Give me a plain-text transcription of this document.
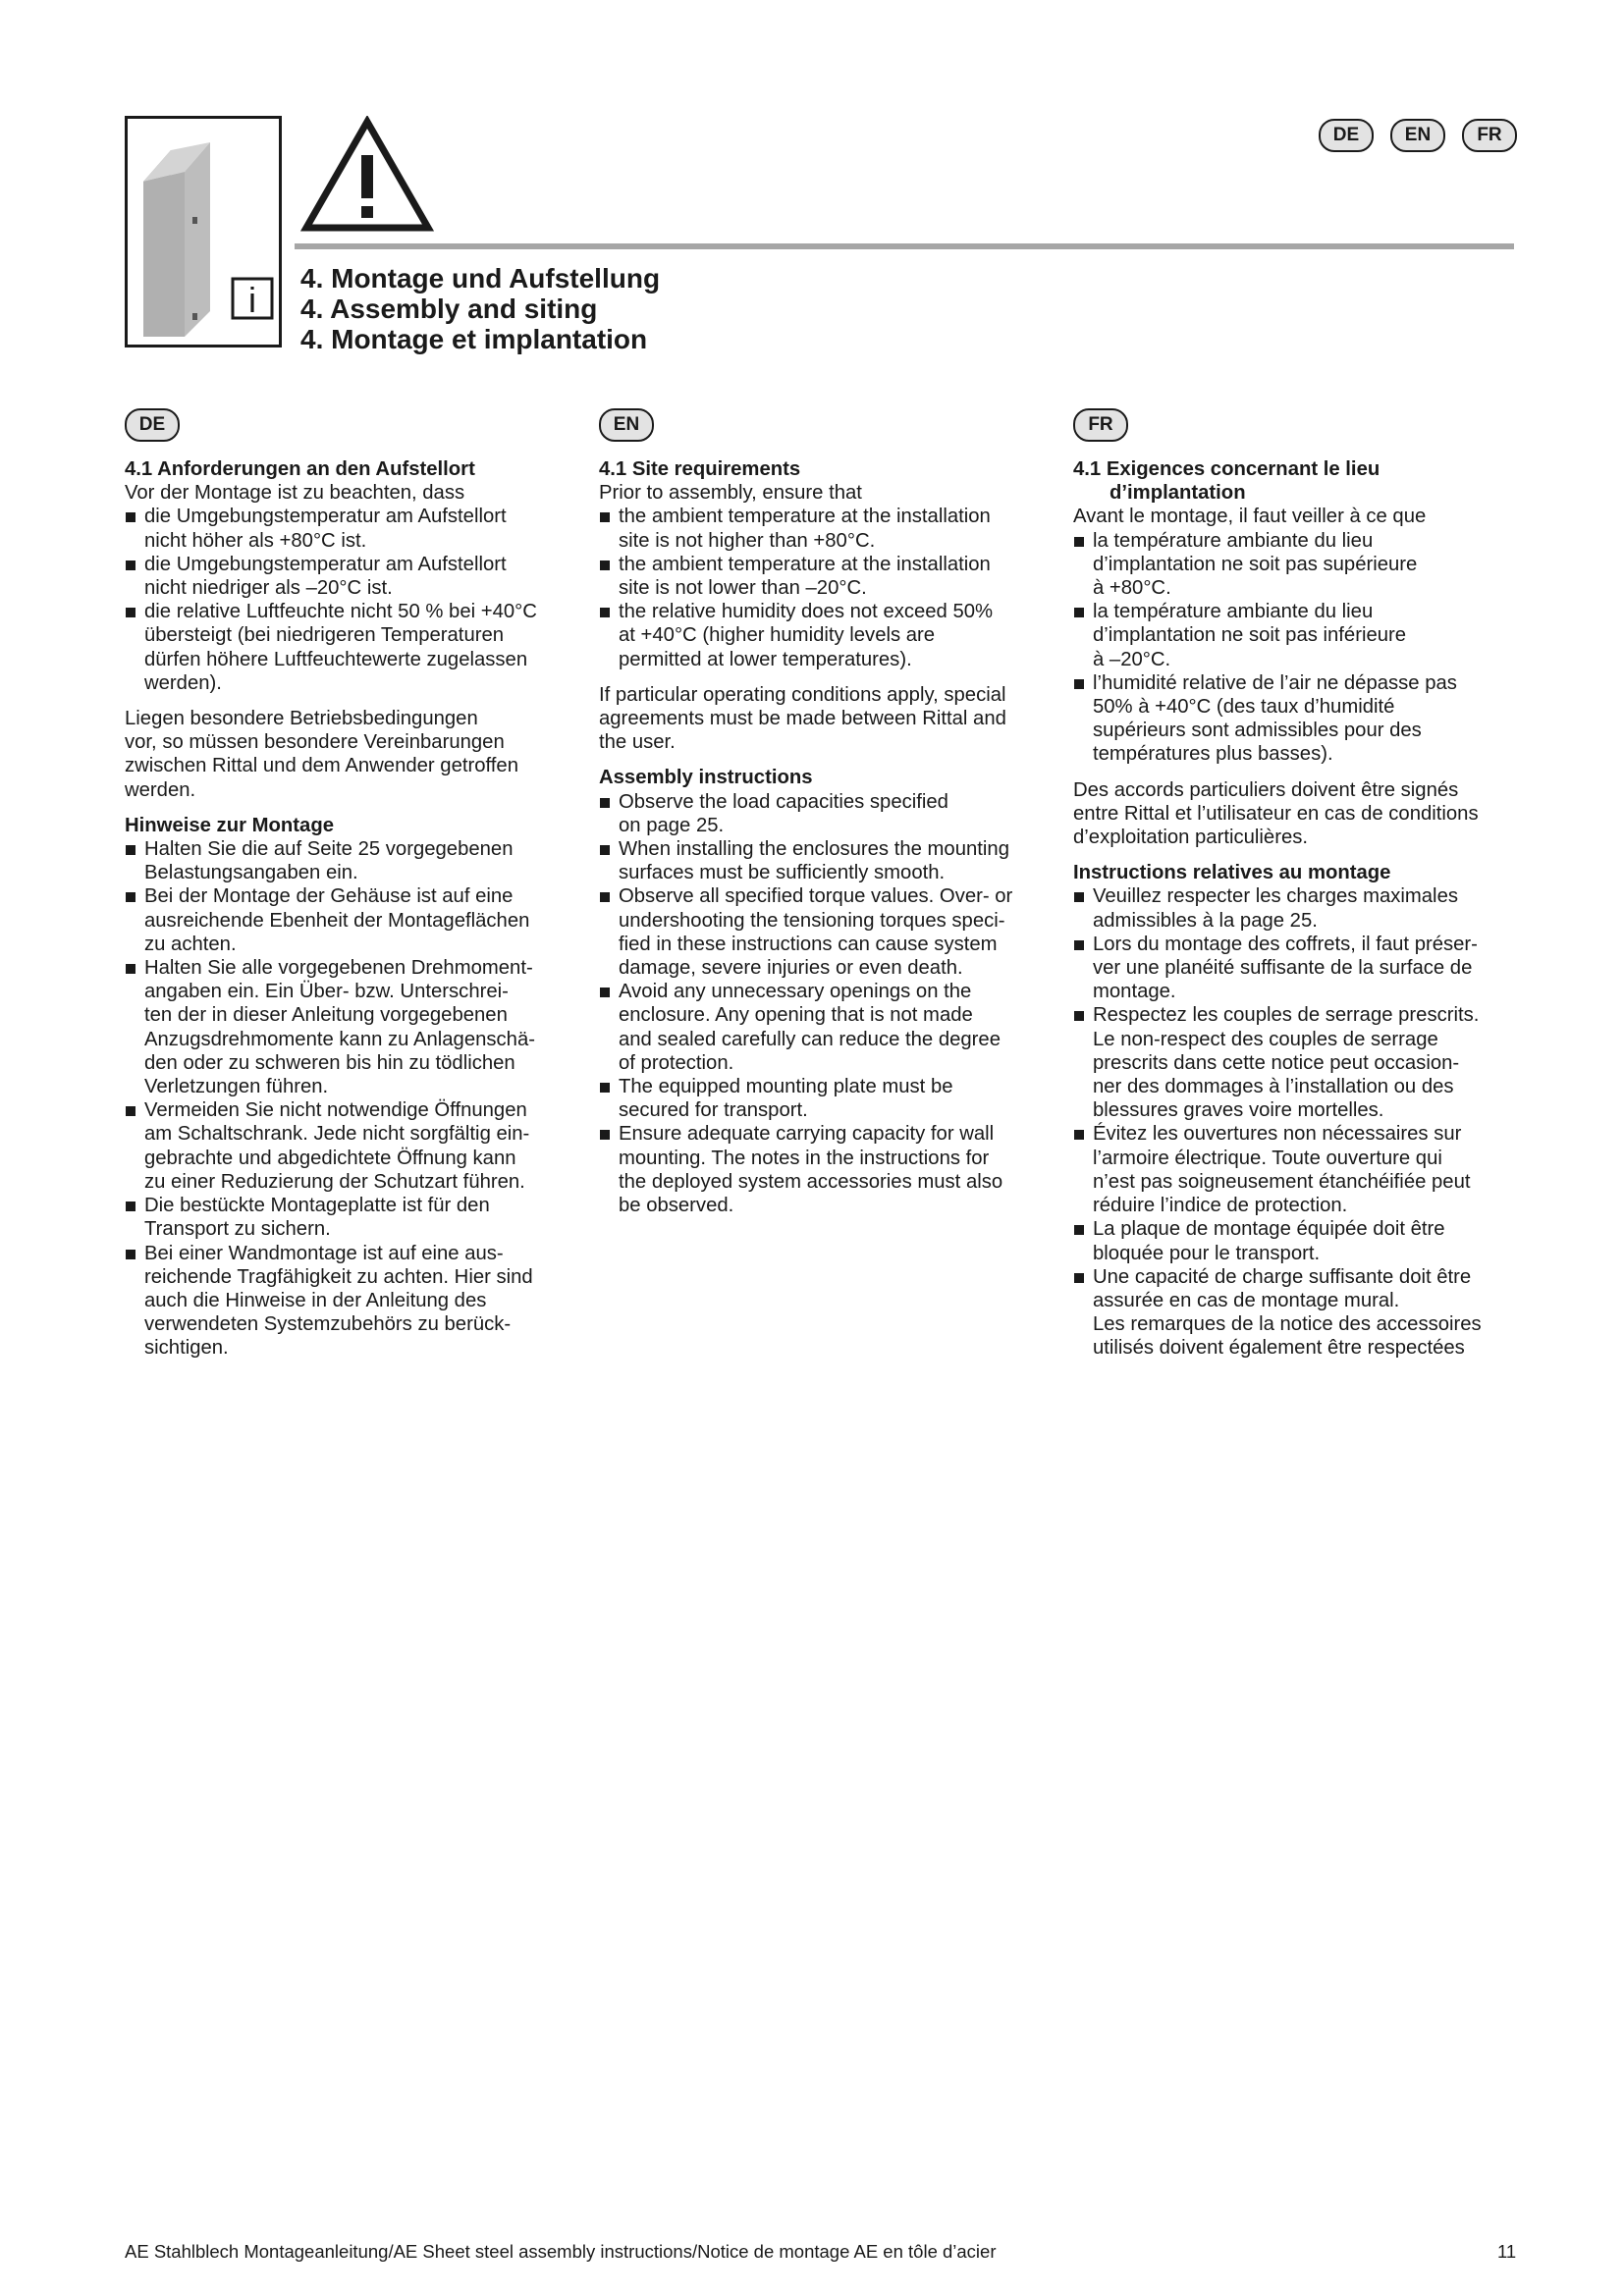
DE	EN	FR
i
4. Montage und Aufstellung
4. Assembly and siting
4. Montage et implantation
DE	EN	FR
4.1 Anforderungen an den Aufstellort

Vor der Montage ist zu beachten, dass

die Umgebungstemperatur am Aufstellort
nicht höher als +80°C ist.
die Umgebungstemperatur am Aufstellort
nicht niedriger als –20°C ist.
die relative Luftfeuchte nicht 50 % bei +40°C
übersteigt (bei niedrigeren Temperaturen
dürfen höhere Luftfeuchtewerte zugelassen
werden).

Liegen besondere Betriebsbedingungen
vor, so müssen besondere Vereinbarungen
zwischen Rittal und dem Anwender getroffen
werden.

Hinweise zur Montage
Halten Sie die auf Seite 25 vorgegebenen
Belastungsangaben ein.
Bei der Montage der Gehäuse ist auf eine
ausreichende Ebenheit der Montageflächen
zu achten.
Halten Sie alle vorgegebenen Drehmoment-
angaben ein. Ein Über- bzw. Unterschrei-
ten der in dieser Anleitung vorgegebenen
Anzugsdrehmomente kann zu Anlagenschä-
den oder zu schweren bis hin zu tödlichen
Verletzungen führen.
Vermeiden Sie nicht notwendige Öffnungen
am Schaltschrank. Jede nicht sorgfältig ein-
gebrachte und abgedichtete Öffnung kann
zu einer Reduzierung der Schutzart führen.
Die bestückte Montageplatte ist für den
Transport zu sichern.
Bei einer Wandmontage ist auf eine aus-
reichende Tragfähigkeit zu achten. Hier sind
auch die Hinweise in der Anleitung des
verwendeten Systemzubehörs zu berück-
sichtigen.
4.1 Site requirements

Prior to assembly, ensure that

the ambient temperature at the installation
site is not higher than +80°C.
the ambient temperature at the installation
site is not lower than –20°C.
the relative humidity does not exceed 50%
at +40°C (higher humidity levels are
permitted at lower temperatures).

If particular operating conditions apply, special
agreements must be made between Rittal and
the user.

Assembly instructions
Observe the load capacities specified
on page 25.
When installing the enclosures the mounting
surfaces must be sufficiently smooth.
Observe all specified torque values. Over- or
undershooting the tensioning torques speci-
fied in these instructions can cause system
damage, severe injuries or even death.
Avoid any unnecessary openings on the
enclosure. Any opening that is not made
and sealed carefully can reduce the degree
of protection.
The equipped mounting plate must be
secured for transport.
Ensure adequate carrying capacity for wall
mounting. The notes in the instructions for
the deployed system accessories must also
be observed.
4.1 Exigences concernant le lieu
d’implantation

Avant le montage, il faut veiller à ce que

la température ambiante du lieu
d’implantation ne soit pas supérieure
à +80°C.
la température ambiante du lieu
d’implantation ne soit pas inférieure
à –20°C.
l’humidité relative de l’air ne dépasse pas
50% à +40°C (des taux d’humidité
supérieurs sont admissibles pour des
températures plus basses).

Des accords particuliers doivent être signés
entre Rittal et l’utilisateur en cas de conditions
d’exploitation particulières.

Instructions relatives au montage
Veuillez respecter les charges maximales
admissibles à la page 25.
Lors du montage des coffrets, il faut préser-
ver une planéité suffisante de la surface de
montage.
Respectez les couples de serrage prescrits.
Le non-respect des couples de serrage
prescrits dans cette notice peut occasion-
ner des dommages à l’installation ou des
blessures graves voire mortelles.
Évitez les ouvertures non nécessaires sur
l’armoire électrique. Toute ouverture qui
n’est pas soigneusement étanchéifiée peut
réduire l’indice de protection.
La plaque de montage équipée doit être
bloquée pour le transport.
Une capacité de charge suffisante doit être
assurée en cas de montage mural.
Les remarques de la notice des accessoires
utilisés doivent également être respectées
AE Stahlblech Montageanleitung/AE Sheet steel assembly instructions/Notice de montage AE en tôle d’acier	11
